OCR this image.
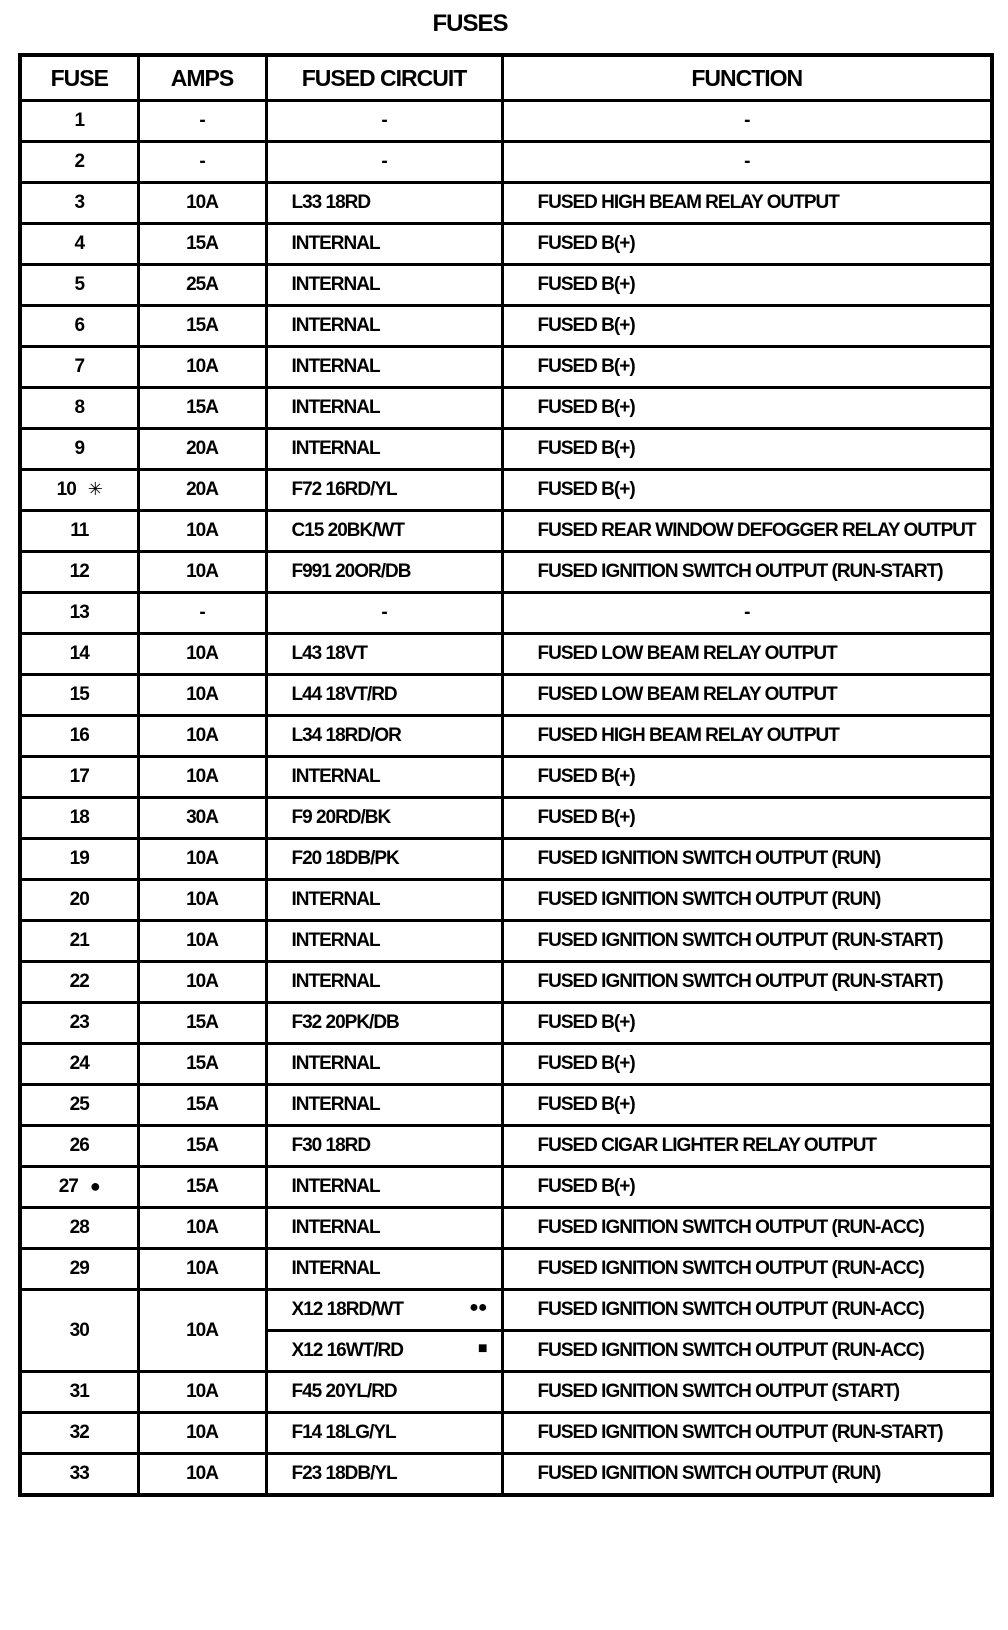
FUSES
FUSE	AMPS	FUSED CIRCUIT	FUNCTION
1	-	-	-
2	-	-	-
3	10A	L33 18RD	FUSED HIGH BEAM RELAY OUTPUT
4	15A	INTERNAL	FUSED B(+)
5	25A	INTERNAL	FUSED B(+)
6	15A	INTERNAL	FUSED B(+)
7	10A	INTERNAL	FUSED B(+)
8	15A	INTERNAL	FUSED B(+)
9	20A	INTERNAL	FUSED B(+)
10 ✳	20A	F72 16RD/YL	FUSED B(+)
11	10A	C15 20BK/WT	FUSED REAR WINDOW DEFOGGER RELAY OUTPUT
12	10A	F991 20OR/DB	FUSED IGNITION SWITCH OUTPUT (RUN-START)
13	-	-	-
14	10A	L43 18VT	FUSED LOW BEAM RELAY OUTPUT
15	10A	L44 18VT/RD	FUSED LOW BEAM RELAY OUTPUT
16	10A	L34 18RD/OR	FUSED HIGH BEAM RELAY OUTPUT
17	10A	INTERNAL	FUSED B(+)
18	30A	F9 20RD/BK	FUSED B(+)
19	10A	F20 18DB/PK	FUSED IGNITION SWITCH OUTPUT (RUN)
20	10A	INTERNAL	FUSED IGNITION SWITCH OUTPUT (RUN)
21	10A	INTERNAL	FUSED IGNITION SWITCH OUTPUT (RUN-START)
22	10A	INTERNAL	FUSED IGNITION SWITCH OUTPUT (RUN-START)
23	15A	F32 20PK/DB	FUSED B(+)
24	15A	INTERNAL	FUSED B(+)
25	15A	INTERNAL	FUSED B(+)
26	15A	F30 18RD	FUSED CIGAR LIGHTER RELAY OUTPUT
27 ●	15A	INTERNAL	FUSED B(+)
28	10A	INTERNAL	FUSED IGNITION SWITCH OUTPUT (RUN-ACC)
29	10A	INTERNAL	FUSED IGNITION SWITCH OUTPUT (RUN-ACC)
30	10A	X12 18RD/WT ●●	FUSED IGNITION SWITCH OUTPUT (RUN-ACC)
		X12 16WT/RD ■	FUSED IGNITION SWITCH OUTPUT (RUN-ACC)
31	10A	F45 20YL/RD	FUSED IGNITION SWITCH OUTPUT (START)
32	10A	F14 18LG/YL	FUSED IGNITION SWITCH OUTPUT (RUN-START)
33	10A	F23 18DB/YL	FUSED IGNITION SWITCH OUTPUT (RUN)
